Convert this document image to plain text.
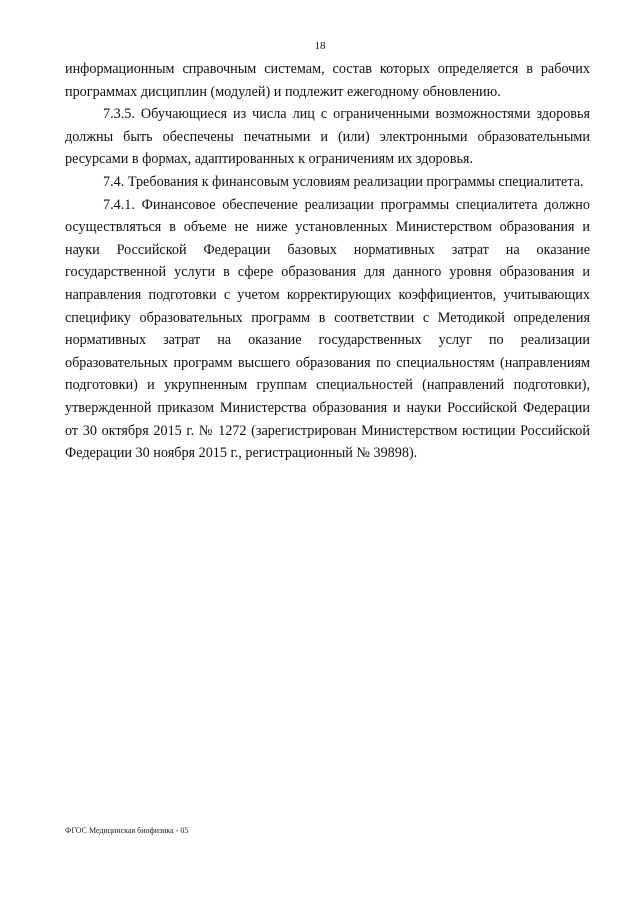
18

информационным справочным системам, состав которых определяется в рабочих программах дисциплин (модулей) и подлежит ежегодному обновлению.

7.3.5. Обучающиеся из числа лиц с ограниченными возможностями здоровья должны быть обеспечены печатными и (или) электронными образовательными ресурсами в формах, адаптированных к ограничениям их здоровья.

7.4. Требования к финансовым условиям реализации программы специалитета.

7.4.1. Финансовое обеспечение реализации программы специалитета должно осуществляться в объеме не ниже установленных Министерством образования и науки Российской Федерации базовых нормативных затрат на оказание государственной услуги в сфере образования для данного уровня образования и направления подготовки с учетом корректирующих коэффициентов, учитывающих специфику образовательных программ в соответствии с Методикой определения нормативных затрат на оказание государственных услуг по реализации образовательных программ высшего образования по специальностям (направлениям подготовки) и укрупненным группам специальностей (направлений подготовки), утвержденной приказом Министерства образования и науки Российской Федерации от 30 октября 2015 г. № 1272 (зарегистрирован Министерством юстиции Российской Федерации 30 ноября 2015 г., регистрационный № 39898).

ФГОС Медицинская биофизика - 05
